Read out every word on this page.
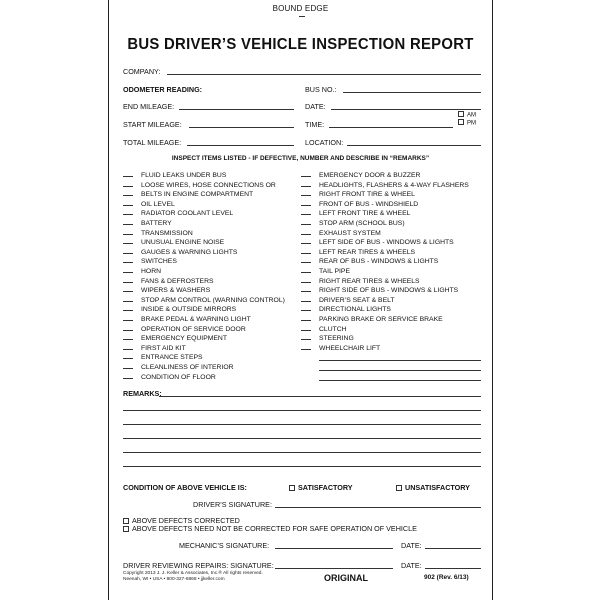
BOUND EDGE
BUS DRIVER’S VEHICLE INSPECTION REPORT
COMPANY:
ODOMETER READING:	BUS NO.:
END MILEAGE:	DATE:
START MILEAGE:	TIME:
AM
PM
TOTAL MILEAGE:	LOCATION:
INSPECT ITEMS LISTED - IF DEFECTIVE, NUMBER AND DESCRIBE IN “REMARKS”
FLUID LEAKS UNDER BUS
LOOSE WIRES, HOSE CONNECTIONS OR
BELTS IN ENGINE COMPARTMENT
OIL LEVEL
RADIATOR COOLANT LEVEL
BATTERY
TRANSMISSION
UNUSUAL ENGINE NOISE
GAUGES & WARNING LIGHTS
SWITCHES
HORN
FANS & DEFROSTERS
WIPERS & WASHERS
STOP ARM CONTROL (WARNING CONTROL)
INSIDE & OUTSIDE MIRRORS
BRAKE PEDAL & WARNING LIGHT
OPERATION OF SERVICE DOOR
EMERGENCY EQUIPMENT
FIRST AID KIT
ENTRANCE STEPS
CLEANLINESS OF INTERIOR
CONDITION OF FLOOR
EMERGENCY DOOR & BUZZER
HEADLIGHTS, FLASHERS & 4-WAY FLASHERS
RIGHT FRONT TIRE & WHEEL
FRONT OF BUS - WINDSHIELD
LEFT FRONT TIRE & WHEEL
STOP ARM (SCHOOL BUS)
EXHAUST SYSTEM
LEFT SIDE OF BUS - WINDOWS & LIGHTS
LEFT REAR TIRES & WHEELS
REAR OF BUS - WINDOWS & LIGHTS
TAIL PIPE
RIGHT REAR TIRES & WHEELS
RIGHT SIDE OF BUS - WINDOWS & LIGHTS
DRIVER’S SEAT & BELT
DIRECTIONAL LIGHTS
PARKING BRAKE OR SERVICE BRAKE
CLUTCH
STEERING
WHEELCHAIR LIFT
REMARKS:
CONDITION OF ABOVE VEHICLE IS:	SATISFACTORY	UNSATISFACTORY
DRIVER’S SIGNATURE:
ABOVE DEFECTS CORRECTED
ABOVE DEFECTS NEED NOT BE CORRECTED FOR SAFE OPERATION OF VEHICLE
MECHANIC’S SIGNATURE:	DATE:
DRIVER REVIEWING REPAIRS: SIGNATURE:	DATE:
Copyright 2013 J. J. Keller & Associates, Inc.® All rights reserved.
Neenah, WI • USA • 800-327-6868 • jjkeller.com	ORIGINAL	902 (Rev. 6/13)
